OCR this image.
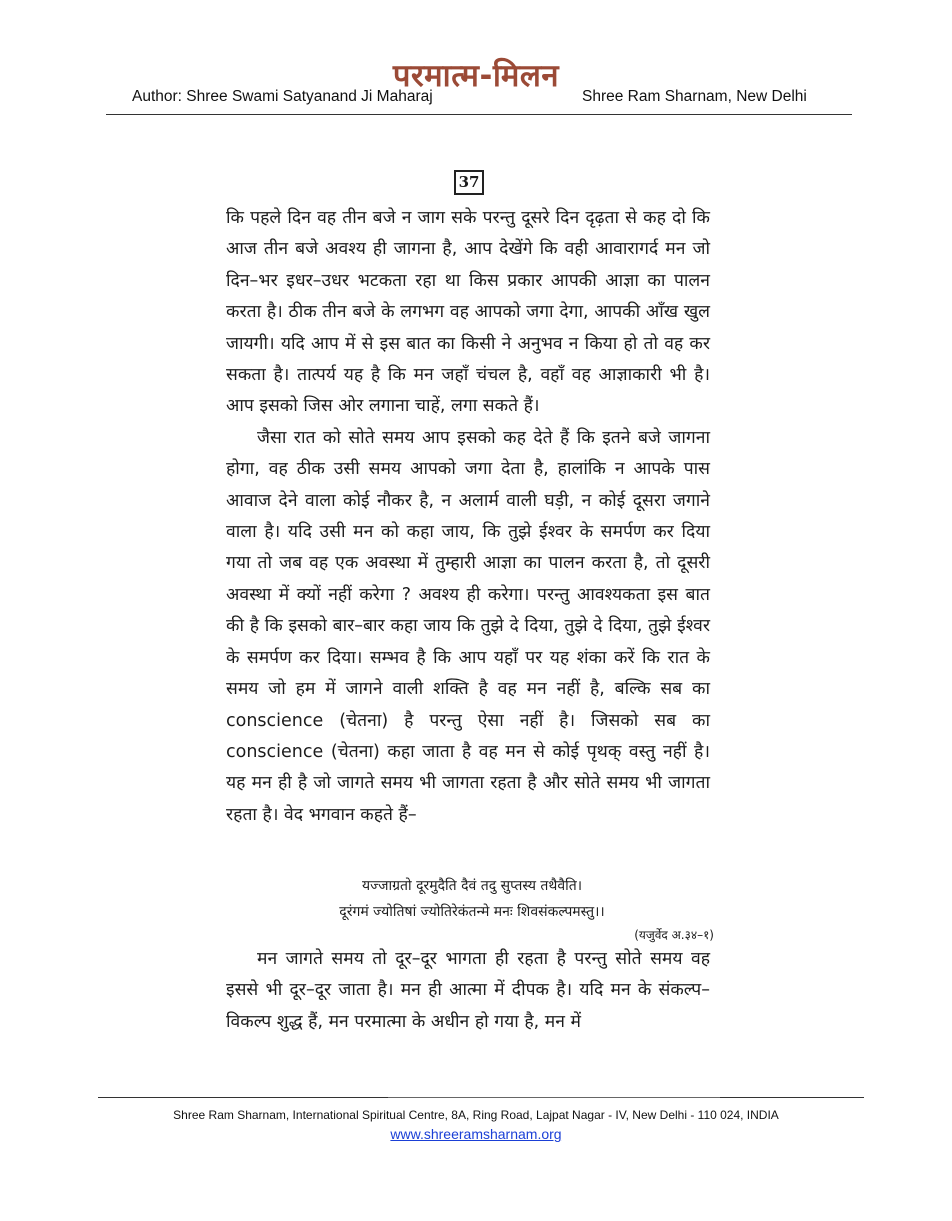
परमात्म-मिलन
Author: Shree Swami Satyanand Ji Maharaj	Shree Ram Sharnam, New Delhi
37

कि पहले दिन वह तीन बजे न जाग सके परन्तु दूसरे दिन दृढ़ता से कह दो कि आज तीन बजे अवश्य ही जागना है, आप देखेंगे कि वही आवारागर्द मन जो दिन–भर इधर–उधर भटकता रहा था किस प्रकार आपकी आज्ञा का पालन करता है। ठीक तीन बजे के लगभग वह आपको जगा देगा, आपकी आँख खुल जायगी। यदि आप में से इस बात का किसी ने अनुभव न किया हो तो वह कर सकता है। तात्पर्य यह है कि मन जहाँ चंचल है, वहाँ वह आज्ञाकारी भी है। आप इसको जिस ओर लगाना चाहें, लगा सकते हैं।

जैसा रात को सोते समय आप इसको कह देते हैं कि इतने बजे जागना होगा, वह ठीक उसी समय आपको जगा देता है, हालांकि न आपके पास आवाज देने वाला कोई नौकर है, न अलार्म वाली घड़ी, न कोई दूसरा जगाने वाला है। यदि उसी मन को कहा जाय, कि तुझे ईश्वर के समर्पण कर दिया गया तो जब वह एक अवस्था में तुम्हारी आज्ञा का पालन करता है, तो दूसरी अवस्था में क्यों नहीं करेगा ? अवश्य ही करेगा। परन्तु आवश्यकता इस बात की है कि इसको बार–बार कहा जाय कि तुझे दे दिया, तुझे दे दिया, तुझे ईश्वर के समर्पण कर दिया। सम्भव है कि आप यहाँ पर यह शंका करें कि रात के समय जो हम में जागने वाली शक्ति है वह मन नहीं है, बल्कि सब का conscience (चेतना) है परन्तु ऐसा नहीं है। जिसको सब का conscience (चेतना) कहा जाता है वह मन से कोई पृथक् वस्तु नहीं है। यह मन ही है जो जागते समय भी जागता रहता है और सोते समय भी जागता रहता है। वेद भगवान कहते हैं–

यज्जाग्रतो दूरमुदैति दैवं तदु सुप्तस्य तथैवैति।
दूरंगमं ज्योतिषां ज्योतिरेकंतन्मे मनः शिवसंकल्पमस्तु।।
(यजुर्वेद अ.३४–१)

मन जागते समय तो दूर–दूर भागता ही रहता है परन्तु सोते समय वह इससे भी दूर–दूर जाता है। मन ही आत्मा में दीपक है। यदि मन के संकल्प–विकल्प शुद्ध हैं, मन परमात्मा के अधीन हो गया है, मन में

Shree Ram Sharnam, International Spiritual Centre, 8A, Ring Road, Lajpat Nagar - IV, New Delhi - 110 024, INDIA
www.shreeramsharnam.org
